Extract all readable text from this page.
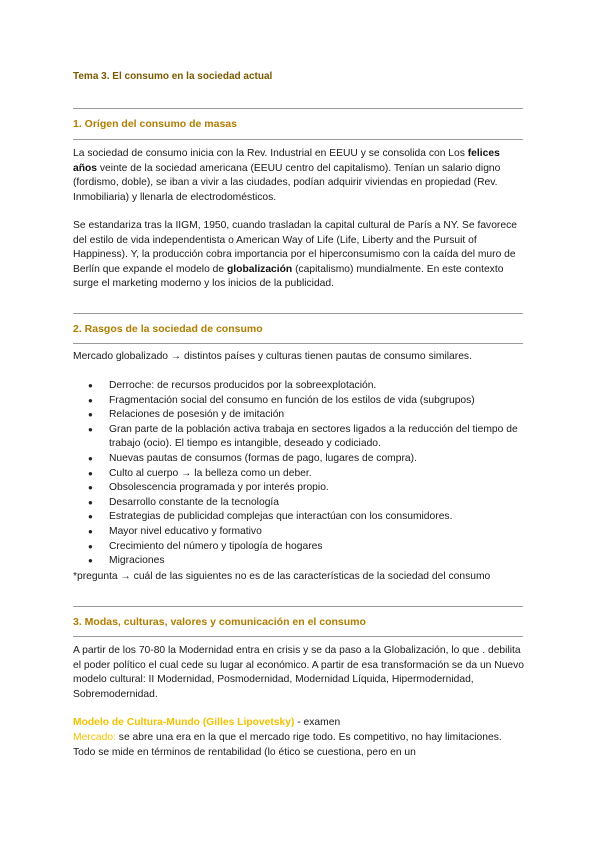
Tema 3. El consumo en la sociedad actual
1. Orígen del consumo de masas

La sociedad de consumo inicia con la Rev. Industrial en EEUU y se consolida con Los felices años veinte de la sociedad americana (EEUU centro del capitalismo). Tenían un salario digno (fordismo, doble), se iban a vivir a las ciudades, podían adquirir viviendas en propiedad (Rev. Inmobiliaria) y llenarla de electrodomésticos.

Se estandariza tras la IIGM, 1950, cuando trasladan la capital cultural de París a NY. Se favorece del estilo de vida independentista o American Way of Life (Life, Liberty and the Pursuit of Happiness). Y, la producción cobra importancia por el hiperconsumismo con la caída del muro de Berlín que expande el modelo de globalización (capitalismo) mundialmente. En este contexto surge el marketing moderno y los inicios de la publicidad.

2. Rasgos de la sociedad de consumo

Mercado globalizado → distintos países y culturas tienen pautas de consumo similares.

● Derroche: de recursos producidos por la sobreexplotación.
● Fragmentación social del consumo en función de los estilos de vida (subgrupos)
● Relaciones de posesión y de imitación
● Gran parte de la población activa trabaja en sectores ligados a la reducción del tiempo de trabajo (ocio). El tiempo es intangible, deseado y codiciado.
● Nuevas pautas de consumos (formas de pago, lugares de compra).
● Culto al cuerpo → la belleza como un deber.
● Obsolescencia programada y por interés propio.
● Desarrollo constante de la tecnología
● Estrategias de publicidad complejas que interactúan con los consumidores.
● Mayor nivel educativo y formativo
● Crecimiento del número y tipología de hogares
● Migraciones

*pregunta → cuál de las siguientes no es de las características de la sociedad del consumo

3. Modas, culturas, valores y comunicación en el consumo

A partir de los 70-80 la Modernidad entra en crisis y se da paso a la Globalización, lo que . debilita el poder político el cual cede su lugar al económico. A partir de esa transformación se da un Nuevo modelo cultural: II Modernidad, Posmodernidad, Modernidad Líquida, Hipermodernidad, Sobremodernidad.

Modelo de Cultura-Mundo (Gilles Lipovetsky) - examen

Mercado: se abre una era en la que el mercado rige todo. Es competitivo, no hay limitaciones. Todo se mide en términos de rentabilidad (lo ético se cuestiona, pero en un
